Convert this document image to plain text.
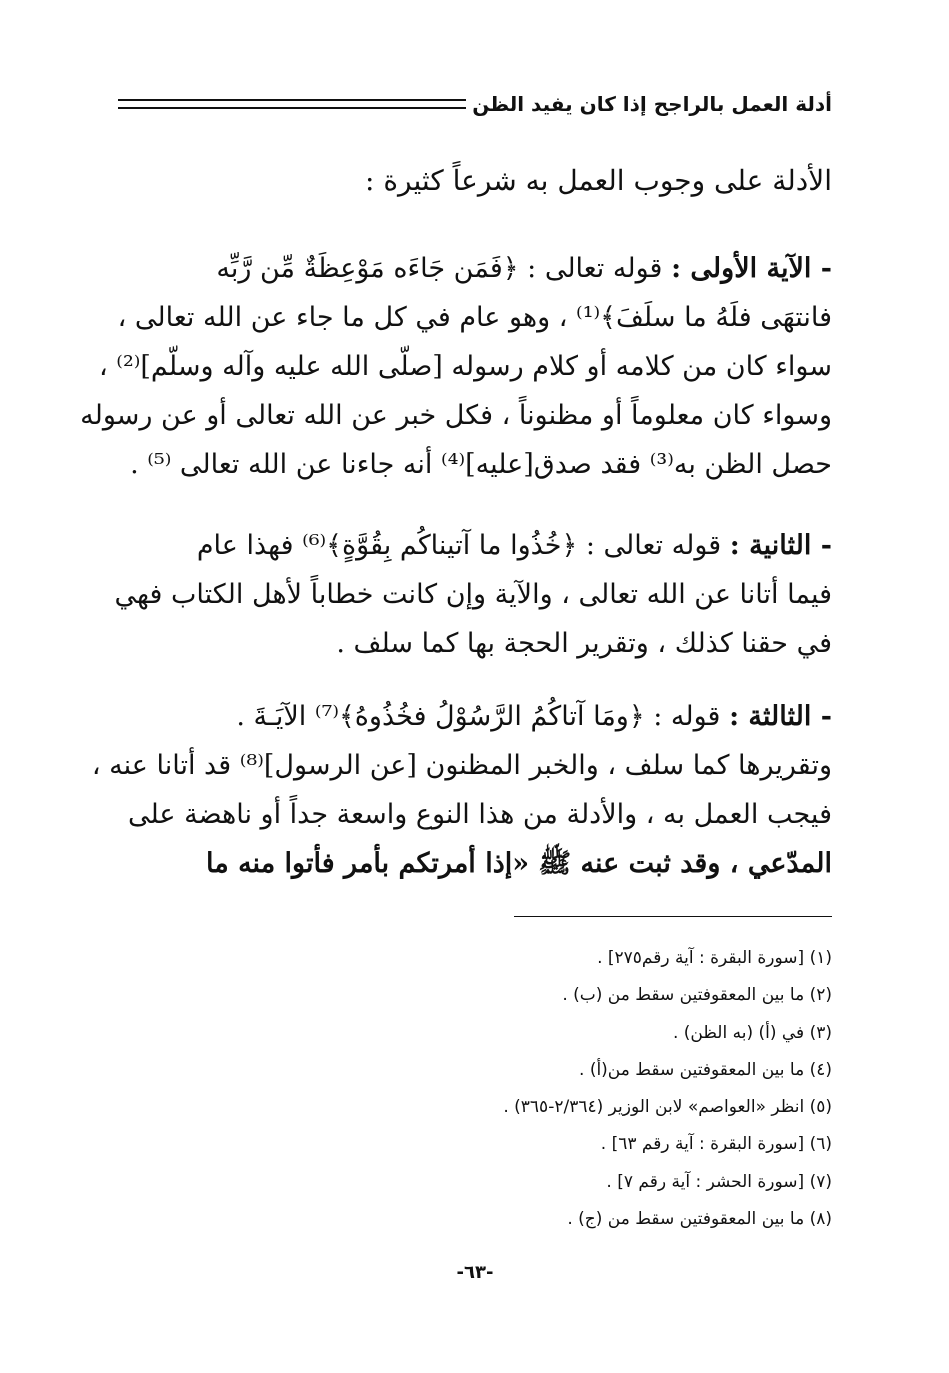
أدلة العمل بالراجح إذا كان يفيد الظن
الأدلة على وجوب العمل به شرعاً كثيرة :
- الآية الأولى : قوله تعالى : ﴿فَمَن جَاءَه مَوْعِظَةٌ مِّن رَّبِّه
فانتهَى فلَهُ ما سلَفَ﴾⁽¹⁾ ، وهو عام في كل ما جاء عن الله تعالى ،
سواء كان من كلامه أو كلام رسوله [صلّى الله عليه وآله وسلّم]⁽²⁾ ،
وسواء كان معلوماً أو مظنوناً ، فكل خبر عن الله تعالى أو عن رسوله
حصل الظن به⁽³⁾ فقد صدق[عليه]⁽⁴⁾ أنه جاءنا عن الله تعالى ⁽⁵⁾ .
- الثانية : قوله تعالى : ﴿خُذُوا ما آتيناكُم بِقُوَّةٍ﴾⁽⁶⁾ فهذا عام
فيما أتانا عن الله تعالى ، والآية وإن كانت خطاباً لأهل الكتاب فهي
في حقنا كذلك ، وتقرير الحجة بها كما سلف .
- الثالثة : قوله : ﴿ومَا آتاكُمُ الرَّسُوْلُ فخُذُوهُ﴾⁽⁷⁾ الآيَـةَ .
وتقريرها كما سلف ، والخبر المظنون [عن الرسول]⁽⁸⁾ قد أتانا عنه ،
فيجب العمل به ، والأدلة من هذا النوع واسعة جداً أو ناهضة على
المدّعي ، وقد ثبت عنه ﷺ «إذا أمرتكم بأمر فأتوا منه ما
(١) [سورة البقرة : آية رقم٢٧٥] .
(٢) ما بين المعقوفتين سقط من (ب) .
(٣) في (أ) (به الظن) .
(٤) ما بين المعقوفتين سقط من(أ) .
(٥) انظر «العواصم» لابن الوزير (٢/٣٦٤-٣٦٥) .
(٦) [سورة البقرة : آية رقم ٦٣] .
(٧) [سورة الحشر : آية رقم ٧] .
(٨) ما بين المعقوفتين سقط من (ج) .
-٦٣-
